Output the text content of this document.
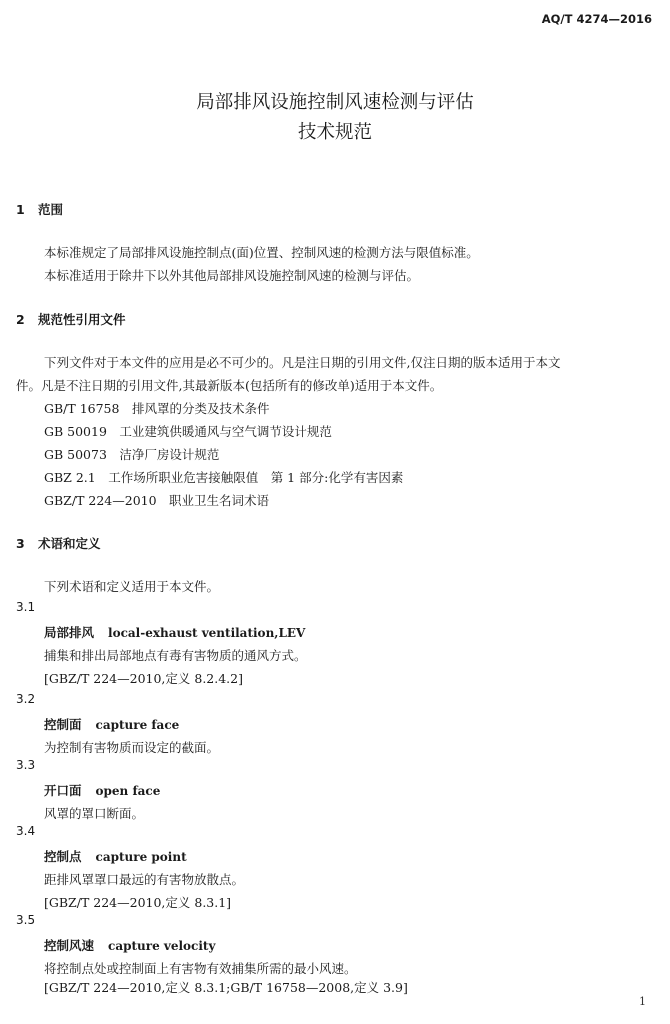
AQ/T 4274—2016
局部排风设施控制风速检测与评估
技术规范
1 范围
本标准规定了局部排风设施控制点(面)位置、控制风速的检测方法与限值标准。
本标准适用于除井下以外其他局部排风设施控制风速的检测与评估。
2 规范性引用文件
下列文件对于本文件的应用是必不可少的。凡是注日期的引用文件,仅注日期的版本适用于本文
件。凡是不注日期的引用文件,其最新版本(包括所有的修改单)适用于本文件。
GB/T 16758　排风罩的分类及技术条件
GB 50019　工业建筑供暖通风与空气调节设计规范
GB 50073　洁净厂房设计规范
GBZ 2.1　工作场所职业危害接触限值　第 1 部分:化学有害因素
GBZ/T 224—2010　职业卫生名词术语
3 术语和定义
下列术语和定义适用于本文件。
3.1
局部排风 local-exhaust ventilation,LEV
捕集和排出局部地点有毒有害物质的通风方式。
[GBZ/T 224—2010,定义 8.2.4.2]
3.2
控制面 capture face
为控制有害物质而设定的截面。
3.3
开口面 open face
风罩的罩口断面。
3.4
控制点 capture point
距排风罩罩口最远的有害物放散点。
[GBZ/T 224—2010,定义 8.3.1]
3.5
控制风速 capture velocity
将控制点处或控制面上有害物有效捕集所需的最小风速。
[GBZ/T 224—2010,定义 8.3.1;GB/T 16758—2008,定义 3.9]
1
